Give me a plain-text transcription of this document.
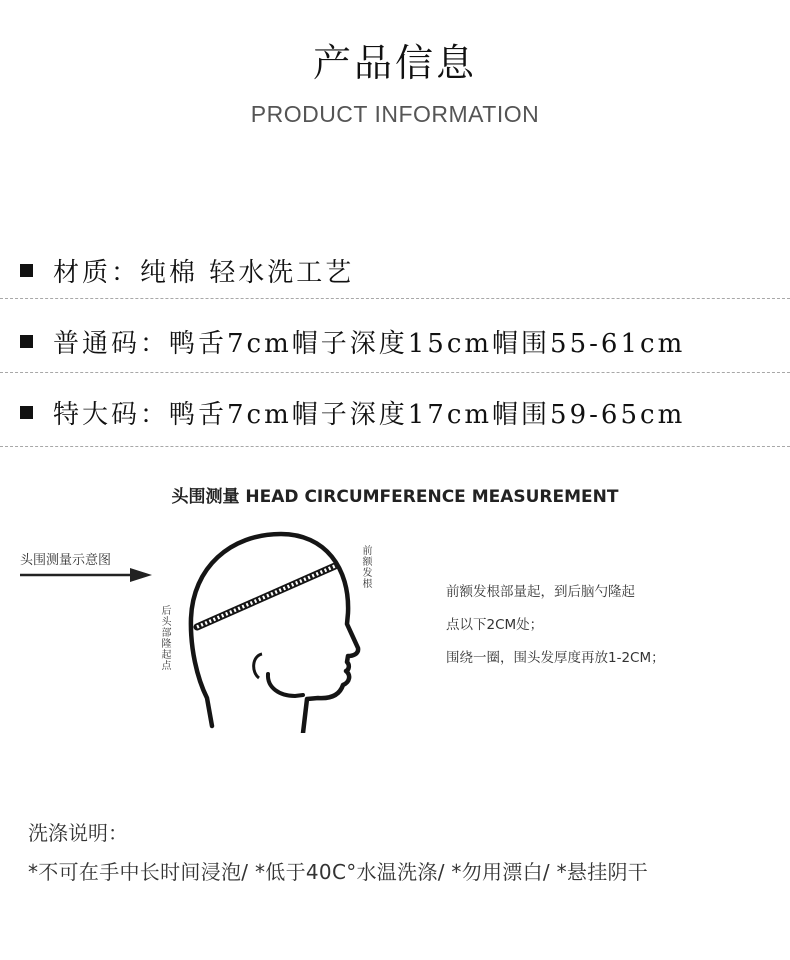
产品信息
PRODUCT INFORMATION
材质：纯棉 轻水洗工艺
普通码：鸭舌7cm帽子深度15cm帽围55-61cm
特大码：鸭舌7cm帽子深度17cm帽围59-65cm
头围测量 HEAD CIRCUMFERENCE MEASUREMENT
头围测量示意图
前额发根
后头部隆起点
前额发根部量起，到后脑勺隆起
点以下2CM处；
围绕一圈，围头发厚度再放1-2CM；
洗涤说明：
*不可在手中长时间浸泡/ *低于40C°水温洗涤/ *勿用漂白/ *悬挂阴干
